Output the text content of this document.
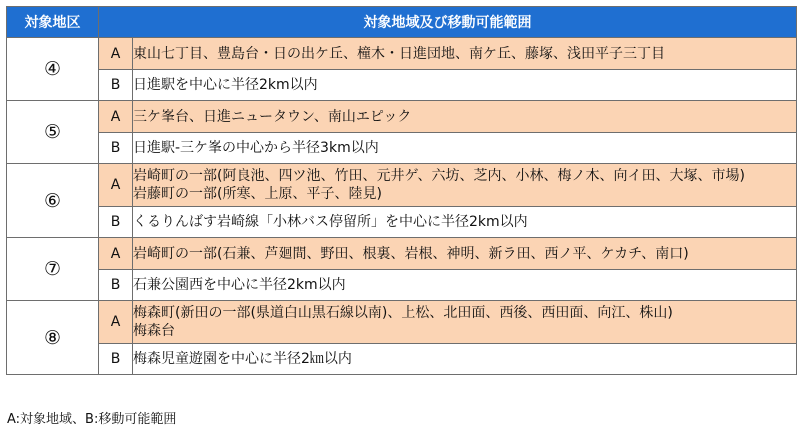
対象地区	対象地域及び移動可能範囲	
④	A	東山七丁目、豊島台・日の出ケ丘、橦木・日進団地、南ケ丘、藤塚、浅田平子三丁目

	B	日進駅を中心に半径2km以内

⑤	A	三ケ峯台、日進ニュータウン、南山エピック

	B	日進駅-三ケ峯の中心から半径3km以内

⑥	A	岩崎町の一部(阿良池、四ツ池、竹田、元井ゲ、六坊、芝内、小林、梅ノ木、向イ田、大塚、市場)
岩藤町の一部(所寒、上原、平子、陸見)

	B	くるりんばす岩崎線「小林バス停留所」を中心に半径2km以内

⑦	A	岩崎町の一部(石兼、芦廻間、野田、根裏、岩根、神明、新ラ田、西ノ平、ケカチ、南口)

	B	石兼公園西を中心に半径2km以内

⑧	A	梅森町(新田の一部(県道白山黒石線以南)、上松、北田面、西後、西田面、向江、株山)
梅森台

	B	梅森児童遊園を中心に半径2㎞以内
A:対象地域、B:移動可能範囲
